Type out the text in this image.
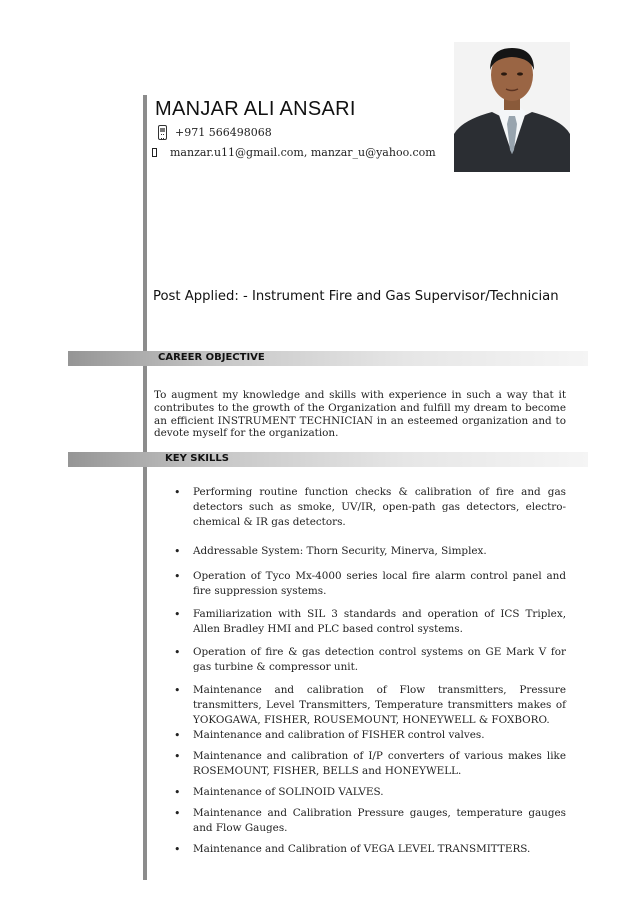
MANJAR ALI ANSARI
+971 566498068
manzar.u11@gmail.com, manzar_u@yahoo.com
Post Applied: - Instrument Fire and Gas Supervisor/Technician
CAREER OBJECTIVE
To augment my knowledge and skills with experience in such a way that it contributes to the growth of the Organization and fulfill my dream to become an efficient INSTRUMENT TECHNICIAN in an esteemed organization and to devote myself for the organization.
KEY SKILLS
• Performing routine function checks & calibration of fire and gas detectors such as smoke, UV/IR, open-path gas detectors, electro-chemical & IR gas detectors.
• Addressable System: Thorn Security, Minerva, Simplex.
• Operation of Tyco Mx-4000 series local fire alarm control panel and fire suppression systems.
• Familiarization with SIL 3 standards and operation of ICS Triplex, Allen Bradley HMI and PLC based control systems.
• Operation of fire & gas detection control systems on GE Mark V for gas turbine & compressor unit.
• Maintenance and calibration of Flow transmitters, Pressure transmitters, Level Transmitters, Temperature transmitters makes of YOKOGAWA, FISHER, ROUSEMOUNT, HONEYWELL & FOXBORO.
• Maintenance and calibration of FISHER control valves.
• Maintenance and calibration of I/P converters of various makes like ROSEMOUNT, FISHER, BELLS and HONEYWELL.
• Maintenance of SOLINOID VALVES.
• Maintenance and Calibration Pressure gauges, temperature gauges and Flow Gauges.
• Maintenance and Calibration of VEGA LEVEL TRANSMITTERS.
